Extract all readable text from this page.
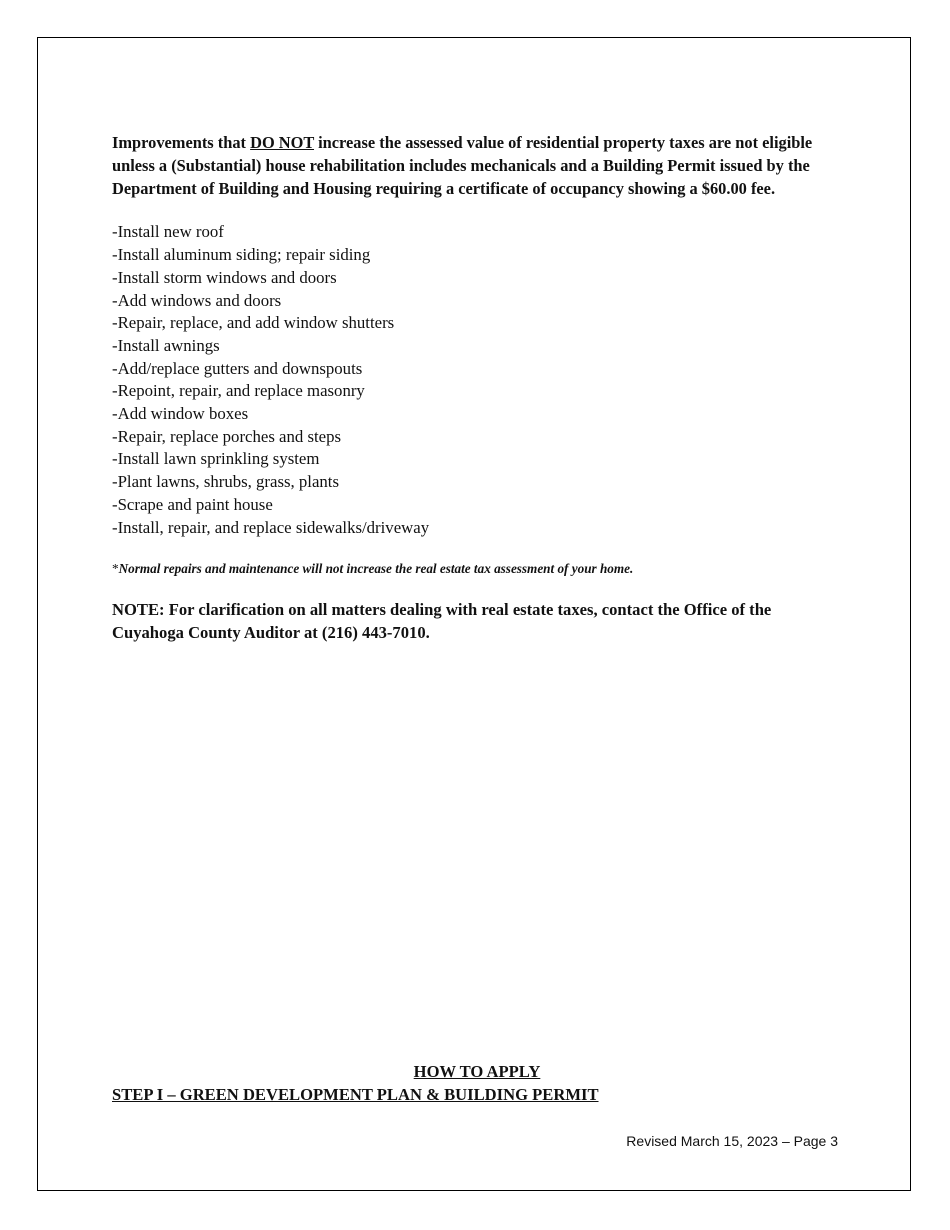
Improvements that DO NOT increase the assessed value of residential property taxes are not eligible unless a (Substantial) house rehabilitation includes mechanicals and a Building Permit issued by the Department of Building and Housing requiring a certificate of occupancy showing a $60.00 fee.

-Install new roof
-Install aluminum siding; repair siding
-Install storm windows and doors
-Add windows and doors
-Repair, replace, and add window shutters
-Install awnings
-Add/replace gutters and downspouts
-Repoint, repair, and replace masonry
-Add window boxes
-Repair, replace porches and steps
-Install lawn sprinkling system
-Plant lawns, shrubs, grass, plants
-Scrape and paint house
-Install, repair, and replace sidewalks/driveway

*Normal repairs and maintenance will not increase the real estate tax assessment of your home.

NOTE: For clarification on all matters dealing with real estate taxes, contact the Office of the Cuyahoga County Auditor at (216) 443-7010.

HOW TO APPLY

STEP I – GREEN DEVELOPMENT PLAN & BUILDING PERMIT

Revised March 15, 2023 – Page 3
